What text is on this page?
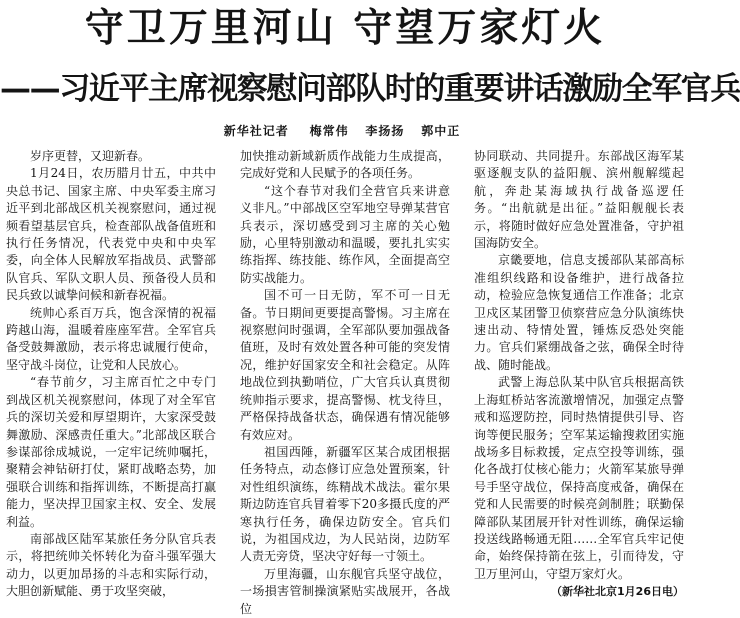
守卫万里河山 守望万家灯火
——习近平主席视察慰问部队时的重要讲话激励全军官兵
新华社记者 梅常伟 李扬扬 郭中正

岁序更替，又迎新春。

1月24日，农历腊月廿五，中共中央总书记、国家主席、中央军委主席习近平到北部战区机关视察慰问，通过视频看望基层官兵，检查部队战备值班和执行任务情况，代表党中央和中央军委，向全体人民解放军指战员、武警部队官兵、军队文职人员、预备役人员和民兵致以诚挚问候和新春祝福。

统帅心系百万兵，饱含深情的祝福跨越山海，温暖着座座军营。全军官兵备受鼓舞激励，表示将忠诚履行使命，坚守战斗岗位，让党和人民放心。

“春节前夕，习主席百忙之中专门到战区机关视察慰问，体现了对全军官兵的深切关爱和厚望期许，大家深受鼓舞激励、深感责任重大。”北部战区联合参谋部徐成城说，一定牢记统帅嘱托，聚精会神钻研打仗，紧盯战略态势，加强联合训练和指挥训练，不断提高打赢能力，坚决捍卫国家主权、安全、发展利益。

南部战区陆军某旅任务分队官兵表示，将把统帅关怀转化为奋斗强军强大动力，以更加昂扬的斗志和实际行动，大胆创新赋能、勇于攻坚突破，

加快推动新域新质作战能力生成提高，完成好党和人民赋予的各项任务。

“这个春节对我们全营官兵来讲意义非凡。”中部战区空军地空导弹某营官兵表示，深切感受到习主席的关心勉励，心里特别激动和温暖，要扎扎实实练指挥、练技能、练作风，全面提高空防实战能力。

国不可一日无防，军不可一日无备。节日期间更要提高警惕。习主席在视察慰问时强调，全军部队要加强战备值班，及时有效处置各种可能的突发情况，维护好国家安全和社会稳定。从阵地战位到执勤哨位，广大官兵认真贯彻统帅指示要求，提高警惕、枕戈待旦，严格保持战备状态，确保遇有情况能够有效应对。

祖国西陲，新疆军区某合成团根据任务特点，动态修订应急处置预案，针对性组织演练，练精战术战法。霍尔果斯边防连官兵冒着零下20多摄氏度的严寒执行任务，确保边防安全。官兵们说，为祖国戍边，为人民站岗，边防军人责无旁贷，坚决守好每一寸领土。

万里海疆，山东舰官兵坚守战位，一场損害管制操演紧贴实战展开，各战位

协同联动、共同提升。东部战区海军某驱逐舰支队的益阳舰、滨州舰解缆起航，奔赴某海域执行战备巡逻任务。“出航就是出征。”益阳舰舰长表示，将随时做好应急处置准备，守护祖国海防安全。

京畿要地，信息支援部队某部高标准组织线路和设备维护，进行战备拉动，检验应急恢复通信工作准备；北京卫戍区某团警卫侦察营应急分队演练快速出动、特情处置，锤炼反恐处突能力。官兵们紧绷战备之弦，确保全时待战、随时能战。

武警上海总队某中队官兵根据高铁上海虹桥站客流激增情况，加强定点警戒和巡逻防控，同时热情提供引导、咨询等便民服务；空军某运输搜救团实施战场多目标救援，定点空投等训练，强化各战打仗核心能力；火箭军某旅导弹号手坚守战位，保持高度戒备，确保在党和人民需要的时候亮剑制胜；联勤保障部队某团展开针对性训练，确保运输投送线路畅通无阻……全军官兵牢记使命，始终保持箭在弦上，引而待发，守卫万里河山，守望万家灯火。

（新华社北京1月26日电）
